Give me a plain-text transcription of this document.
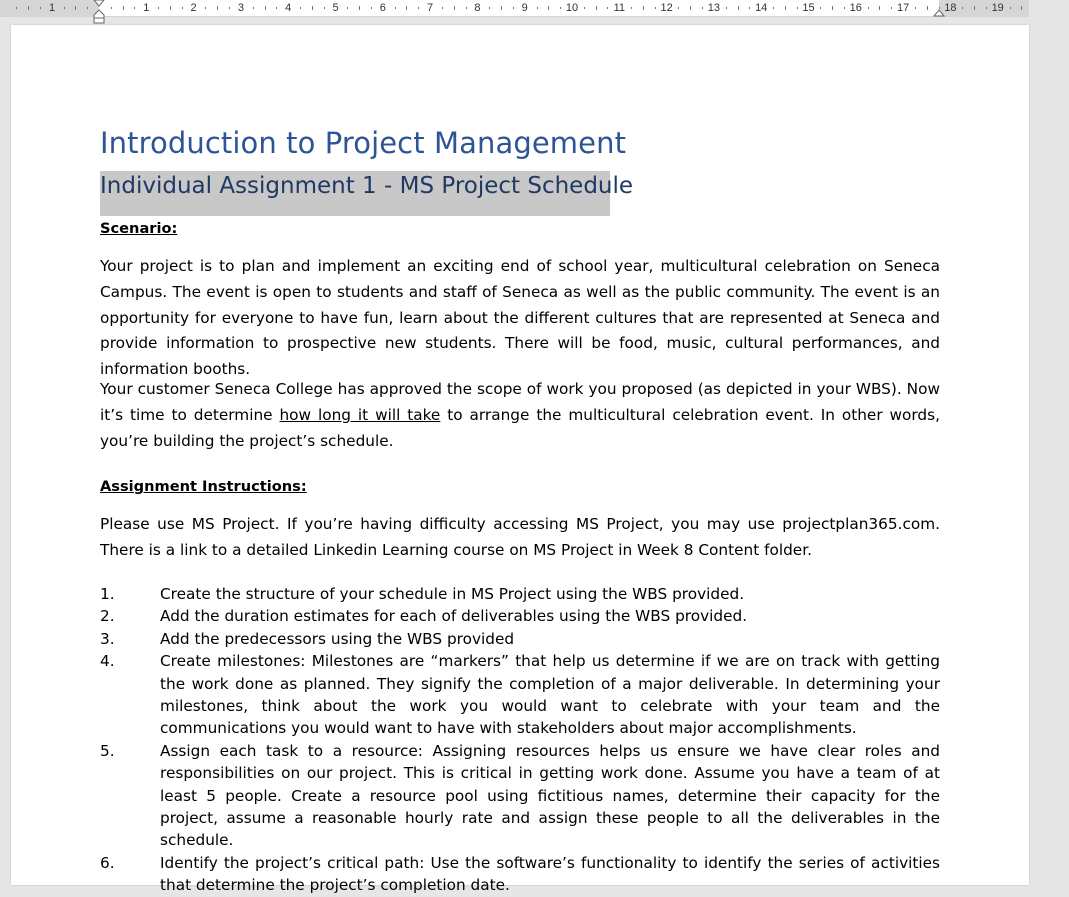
1	1	2	3	4	5	6	7	8	9	10	11	12	13	14	15	16	17	18	19
Introduction to Project Management
Individual Assignment 1 - MS Project Schedule
Scenario:

Your project is to plan and implement an exciting end of school year, multicultural celebration on Seneca Campus. The event is open to students and staff of Seneca as well as the public community. The event is an opportunity for everyone to have fun, learn about the different cultures that are represented at Seneca and provide information to prospective new students. There will be food, music, cultural performances, and information booths.

Your customer Seneca College has approved the scope of work you proposed (as depicted in your WBS). Now it’s time to determine how long it will take to arrange the multicultural celebration event. In other words, you’re building the project’s schedule.

Assignment Instructions:

Please use MS Project. If you’re having difficulty accessing MS Project, you may use projectplan365.com. There is a link to a detailed Linkedin Learning course on MS Project in Week 8 Content folder.

1.	Create the structure of your schedule in MS Project using the WBS provided.
2.	Add the duration estimates for each of deliverables using the WBS provided.
3.	Add the predecessors using the WBS provided
4.	Create milestones: Milestones are “markers” that help us determine if we are on track with getting the work done as planned. They signify the completion of a major deliverable. In determining your milestones, think about the work you would want to celebrate with your team and the communications you would want to have with stakeholders about major accomplishments.
5.	Assign each task to a resource: Assigning resources helps us ensure we have clear roles and responsibilities on our project. This is critical in getting work done. Assume you have a team of at least 5 people. Create a resource pool using fictitious names, determine their capacity for the project, assume a reasonable hourly rate and assign these people to all the deliverables in the schedule.
6.	Identify the project’s critical path: Use the software’s functionality to identify the series of activities that determine the project’s completion date.
